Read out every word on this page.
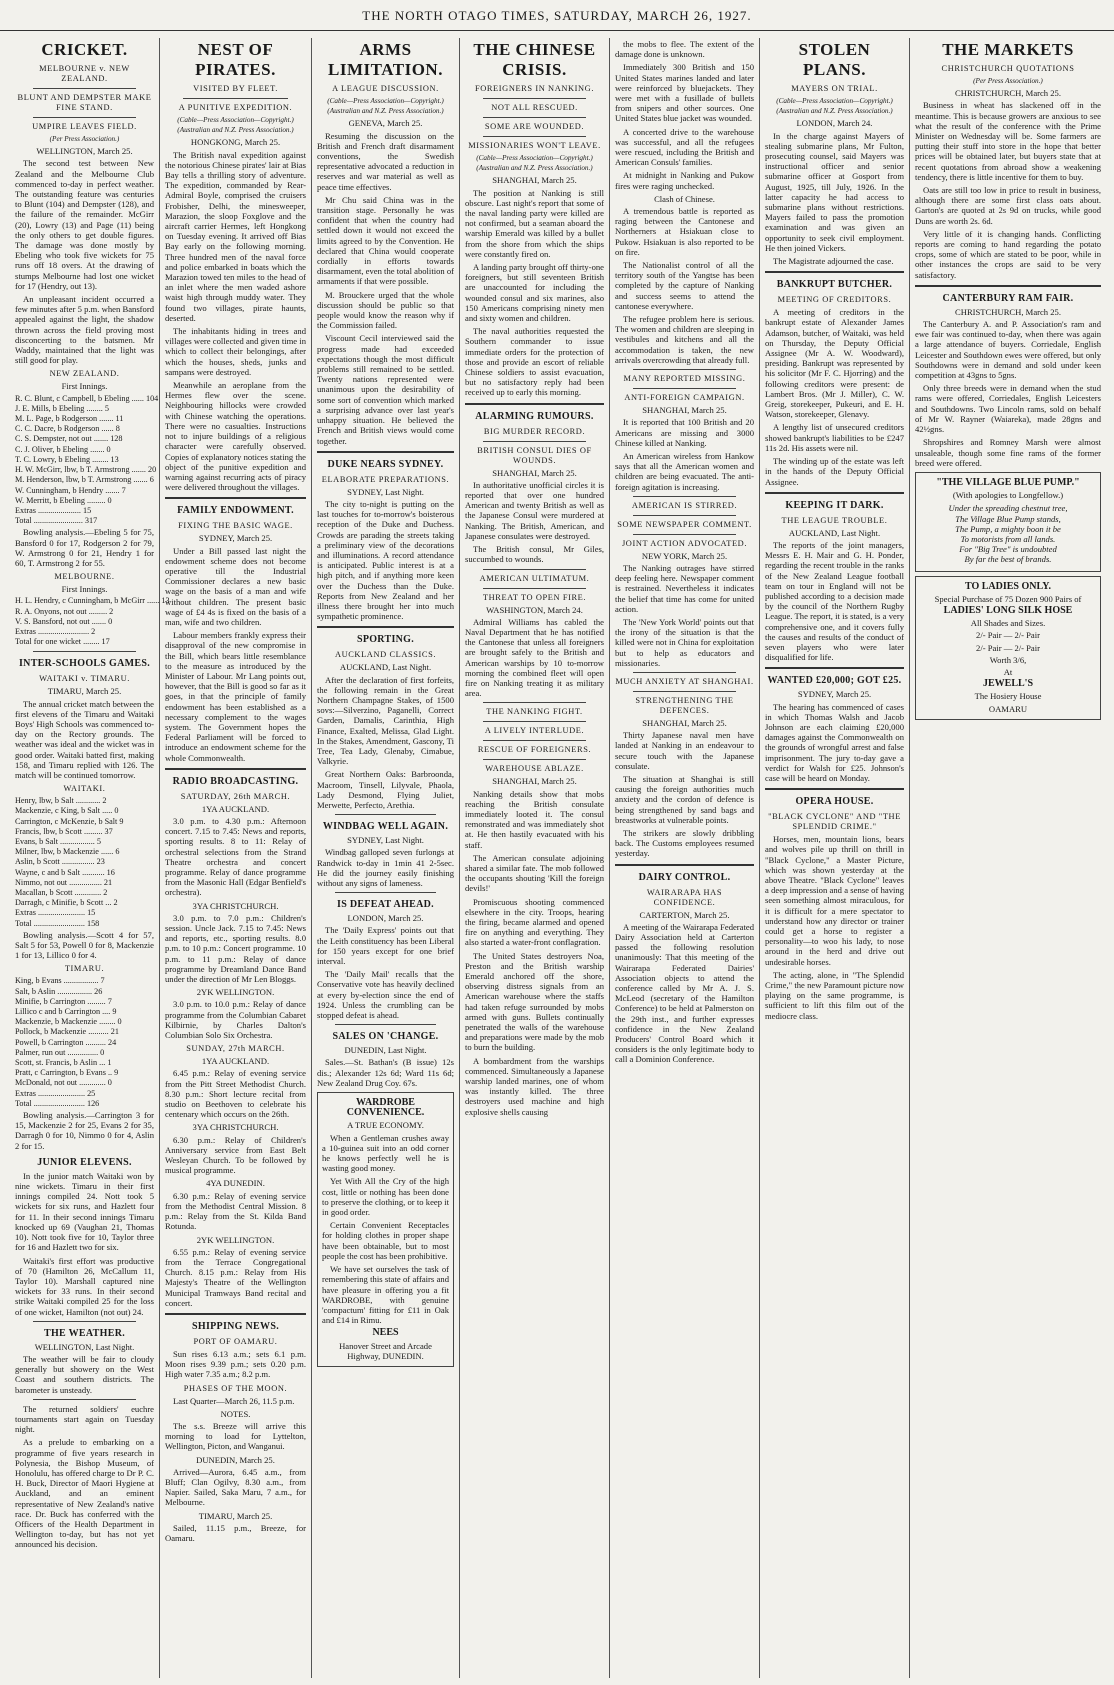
THE NORTH OTAGO TIMES, SATURDAY, MARCH 26, 1927.
CRICKET.
MELBOURNE v. NEW ZEALAND.
BLUNT AND DEMPSTER MAKE FINE STAND.
UMPIRE LEAVES FIELD.
(Per Press Association.)
WELLINGTON, March 25.

The second test between New Zealand and the Melbourne Club commenced to-day in perfect weather. The outstanding feature was centuries to Blunt (104) and Dempster (128), and the failure of the remainder. McGirr (20), Lowry (13) and Page (11) being the only others to get double figures. The damage was done mostly by Ebeling who took five wickets for 75 runs off 18 overs. At the drawing of stumps Melbourne had lost one wicket for 17 (Hendry, out 13).

An unpleasant incident occurred a few minutes after 5 p.m. when Bansford appealed against the light, the shadow thrown across the field proving most disconcerting to the batsmen. Mr Waddy, maintained that the light was still good for play.

NEW ZEALAND.
First Innings.
R. C. Blunt, c Campbell, b Ebeling ...... 104
J. E. Mills, b Ebeling ........ 5
M. L. Page, b Rodgerson ....... 11
C. C. Dacre, b Rodgerson ...... 8
C. S. Dempster, not out ....... 128
C. J. Oliver, b Ebeling ....... 0
T. C. Lowry, b Ebeling ........ 13
H. W. McGirr, lbw, b T. Armstrong ....... 20
M. Henderson, lbw, b T. Armstrong ....... 6
W. Cunningham, b Hendry ....... 7
W. Merritt, b Ebeling ......... 0
Extras ..................... 15
Total ........................ 317

Bowling analysis.—Ebeling 5 for 75, Bansford 0 for 17, Rodgerson 2 for 79, W. Armstrong 0 for 21, Hendry 1 for 60, T. Armstrong 2 for 55.

MELBOURNE.
First Innings.
H. L. Hendry, c Cunningham, b McGirr ...... 13
R. A. Onyons, not out ......... 2
V. S. Bansford, not out ....... 0
Extras ......................... 2
Total for one wicket ........ 17
INTER-SCHOOLS GAMES.
WAITAKI v. TIMARU.
TIMARU, March 25.

The annual cricket match between the first elevens of the Timaru and Waitaki Boys' High Schools was commenced to-day on the Rectory grounds. The weather was ideal and the wicket was in good order. Waitaki batted first, making 158, and Timaru replied with 126. The match will be continued tomorrow.

WAITAKI.
Henry, lbw, b Salt ............ 2
Mackenzie, c King, b Salt ..... 0
Carrington, c McKenzie, b Salt 9
Francis, lbw, b Scott ......... 37
Evans, b Salt ................. 5
Milner, lbw, b Mackenzie ...... 6
Aslin, b Scott ................ 23
Wayne, c and b Salt ........... 16
Nimmo, not out ................ 21
Macallan, b Scott ............. 2
Darragh, c Minifie, b Scott ... 2
Extras ....................... 15
Total ......................... 158

Bowling analysis.—Scott 4 for 57, Salt 5 for 53, Powell 0 for 8, Mackenzie 1 for 13, Lillico 0 for 4.

TIMARU.
King, b Evans ................. 7
Salt, b Aslin ................. 26
Minifie, b Carrington ......... 7
Lillico c and b Carrington .... 9
Mackenzie, b Mackenzie ........ 0
Pollock, b Mackenzie .......... 21
Powell, b Carrington .......... 24
Palmer, run out ............... 0
Scott, st. Francis, b Aslin ... 1
Pratt, c Carrington, b Evans .. 9
McDonald, not out ............. 0
Extras ....................... 25
Total ......................... 126

Bowling analysis.—Carrington 3 for 15, Mackenzie 2 for 25, Evans 2 for 35, Darragh 0 for 10, Nimmo 0 for 4, Aslin 2 for 15.

JUNIOR ELEVENS.

In the junior match Waitaki won by nine wickets. Timaru in their first innings compiled 24. Nott took 5 wickets for six runs, and Hazlett four for 11. In their second innings Timaru knocked up 69 (Vaughan 21, Thomas 10). Nott took five for 10, Taylor three for 16 and Hazlett two for six.

Waitaki's first effort was productive of 70 (Hamilton 26, McCallum 11, Taylor 10). Marshall captured nine wickets for 33 runs. In their second strike Waitaki compiled 25 for the loss of one wicket, Hamilton (not out) 24.

THE WEATHER.
WELLINGTON, Last Night.

The weather will be fair to cloudy generally but showery on the West Coast and southern districts. The barometer is unsteady.

The returned soldiers' euchre tournaments start again on Tuesday night.

As a prelude to embarking on a programme of five years research in Polynesia, the Bishop Museum, of Honolulu, has offered charge to Dr P. C. H. Buck, Director of Maori Hygiene at Auckland, and an eminent representative of New Zealand's native race. Dr. Buck has conferred with the Officers of the Health Department in Wellington to-day, but has not yet announced his decision.

NEST OF PIRATES.
VISITED BY FLEET.
A PUNITIVE EXPEDITION.
(Cable—Press Association—Copyright.) (Australian and N.Z. Press Association.)
HONGKONG, March 25.

The British naval expedition against the notorious Chinese pirates' lair at Bias Bay tells a thrilling story of adventure. The expedition, commanded by Rear-Admiral Boyle, comprised the cruisers Frobisher, Delhi, the minesweeper, Marazion, the sloop Foxglove and the aircraft carrier Hermes, left Hongkong on Tuesday evening. It arrived off Bias Bay early on the following morning. Three hundred men of the naval force and police embarked in boats which the Marazion towed ten miles to the head of an inlet where the men waded ashore waist high through muddy water. They found two villages, pirate haunts, deserted.

The inhabitants hiding in trees and villages were collected and given time in which to collect their belongings, after which the houses, sheds, junks and sampans were destroyed.

Meanwhile an aeroplane from the Hermes flew over the scene. Neighbouring hillocks were crowded with Chinese watching the operations. There were no casualties. Instructions not to injure buildings of a religious character were carefully observed. Copies of explanatory notices stating the object of the punitive expedition and warning against recurring acts of piracy were delivered throughout the villages.

FAMILY ENDOWMENT.
FIXING THE BASIC WAGE.
SYDNEY, March 25.

Under a Bill passed last night the endowment scheme does not become operative till the Industrial Commissioner declares a new basic wage on the basis of a man and wife without children. The present basic wage of £4 4s is fixed on the basis of a man, wife and two children.

Labour members frankly express their disapproval of the new compromise in the Bill, which bears little resemblance to the measure as introduced by the Minister of Labour. Mr Lang points out, however, that the Bill is good so far as it goes, in that the principle of family endowment has been established as a necessary complement to the wages system. The Government hopes the Federal Parliament will be forced to introduce an endowment scheme for the whole Commonwealth.

RADIO BROADCASTING.
SATURDAY, 26th MARCH.
1YA AUCKLAND.

3.0 p.m. to 4.30 p.m.: Afternoon concert. 7.15 to 7.45: News and reports, sporting results. 8 to 11: Relay of orchestral selections from the Strand Theatre orchestra and concert programme. Relay of dance programme from the Masonic Hall (Edgar Benfield's orchestra).

3YA CHRISTCHURCH.

3.0 p.m. to 7.0 p.m.: Children's session. Uncle Jack. 7.15 to 7.45: News and reports, etc., sporting results. 8.0 p.m. to 10 p.m.: Concert programme. 10 p.m. to 11 p.m.: Relay of dance programme by Dreamland Dance Band under the direction of Mr Len Bloggs.

2YK WELLINGTON.

3.0 p.m. to 10.0 p.m.: Relay of dance programme from the Columbian Cabaret Kilbirnie, by Charles Dalton's Columbian Solo Six Orchestra.

SUNDAY, 27th MARCH.
1YA AUCKLAND.

6.45 p.m.: Relay of evening service from the Pitt Street Methodist Church. 8.30 p.m.: Short lecture recital from studio on Beethoven to celebrate his centenary which occurs on the 26th.

3YA CHRISTCHURCH.

6.30 p.m.: Relay of Children's Anniversary service from East Belt Wesleyan Church. To be followed by musical programme.

4YA DUNEDIN.

6.30 p.m.: Relay of evening service from the Methodist Central Mission. 8 p.m.: Relay from the St. Kilda Band Rotunda.

2YK WELLINGTON.

6.55 p.m.: Relay of evening service from the Terrace Congregational Church. 8.15 p.m.: Relay from His Majesty's Theatre of the Wellington Municipal Tramways Band recital and concert.

SHIPPING NEWS.
PORT OF OAMARU.

Sun rises 6.13 a.m.; sets 6.1 p.m. Moon rises 9.39 p.m.; sets 0.20 p.m. High water 7.35 a.m.; 8.2 p.m.

PHASES OF THE MOON.

Last Quarter—March 26, 11.5 p.m.

NOTES.

The s.s. Breeze will arrive this morning to load for Lyttelton, Wellington, Picton, and Wanganui.

DUNEDIN, March 25.

Arrived—Aurora, 6.45 a.m., from Bluff; Clan Ogilvy, 8.30 a.m., from Napier. Sailed, Saka Maru, 7 a.m., for Melbourne.

TIMARU, March 25.

Sailed, 11.15 p.m., Breeze, for Oamaru.

ARMS LIMITATION.
A LEAGUE DISCUSSION.
(Cable—Press Association—Copyright.) (Australian and N.Z. Press Association.)
GENEVA, March 25.

Resuming the discussion on the British and French draft disarmament conventions, the Swedish representative advocated a reduction in reserves and war material as well as peace time effectives.

Mr Chu said China was in the transition stage. Personally he was confident that when the country had settled down it would not exceed the limits agreed to by the Convention. He declared that China would cooperate cordially in efforts towards disarmament, even the total abolition of armaments if that were possible.

M. Brouckere urged that the whole discussion should be public so that people would know the reason why if the Commission failed.

Viscount Cecil interviewed said the progress made had exceeded expectations though the most difficult problems still remained to be settled. Twenty nations represented were unanimous upon the desirability of some sort of convention which marked a surprising advance over last year's unhappy situation. He believed the French and British views would come together.

DUKE NEARS SYDNEY.
ELABORATE PREPARATIONS.
SYDNEY, Last Night.

The city to-night is putting on the last touches for to-morrow's boisterous reception of the Duke and Duchess. Crowds are parading the streets taking a preliminary view of the decorations and illuminations. A record attendance is anticipated. Public interest is at a high pitch, and if anything more keen over the Duchess than the Duke. Reports from New Zealand and her illness there brought her into much sympathetic prominence.

SPORTING.
AUCKLAND CLASSICS.
AUCKLAND, Last Night.

After the declaration of first forfeits, the following remain in the Great Northern Champagne Stakes, of 1500 sovs:—Silverzino, Paganelli, Correct Garden, Damalis, Carinthia, High Finance, Exalted, Melissa, Glad Light. In the Stakes, Amendment, Gascony, Ti Tree, Tea Lady, Glenaby, Cimabue, Valkyrie.

Great Northern Oaks: Barbroonda, Macroom, Tinsell, Lilyvale, Phaola, Lady Desmond, Flying Juliet, Merwette, Perfecto, Arethia.

WINDBAG WELL AGAIN.
SYDNEY, Last Night.

Windbag galloped seven furlongs at Randwick to-day in 1min 41 2-5sec. He did the journey easily finishing without any signs of lameness.

IS DEFEAT AHEAD.
LONDON, March 25.

The 'Daily Express' points out that the Leith constituency has been Liberal for 150 years except for one brief interval.

The 'Daily Mail' recalls that the Conservative vote has heavily declined at every by-election since the end of 1924. Unless the crumbling can be stopped defeat is ahead.

SALES ON 'CHANGE.
DUNEDIN, Last Night.

Sales.—St. Bathan's (B issue) 12s dis.; Alexander 12s 6d; Ward 11s 6d; New Zealand Drug Coy. 67s.

WARDROBE CONVENIENCE.
A TRUE ECONOMY.

When a Gentleman crushes away a 10-guinea suit into an odd corner he knows perfectly well he is wasting good money.

Yet With All the Cry of the high cost, little or nothing has been done to preserve the clothing, or to keep it in good order.

Certain Convenient Receptacles for holding clothes in proper shape have been obtainable, but to most people the cost has been prohibitive.

We have set ourselves the task of remembering this state of affairs and have pleasure in offering you a fit WARDROBE, with genuine 'compactum' fitting for £11 in Oak and £14 in Rimu.

NEES
Hanover Street and Arcade Highway, DUNEDIN.
THE CHINESE CRISIS.
FOREIGNERS IN NANKING.
NOT ALL RESCUED.
SOME ARE WOUNDED.
MISSIONARIES WON'T LEAVE.
(Cable—Press Association—Copyright.) (Australian and N.Z. Press Association.)
SHANGHAI, March 25.

The position at Nanking is still obscure. Last night's report that some of the naval landing party were killed are not confirmed, but a seaman aboard the warship Emerald was killed by a bullet from the shore from which the ships were constantly fired on.

A landing party brought off thirty-one foreigners, but still seventeen British are unaccounted for including the wounded consul and six marines, also 150 Americans comprising ninety men and sixty women and children.

The naval authorities requested the Southern commander to issue immediate orders for the protection of those and provide an escort of reliable Chinese soldiers to assist evacuation, but no satisfactory reply had been received up to early this morning.

ALARMING RUMOURS.
BIG MURDER RECORD.
BRITISH CONSUL DIES OF WOUNDS.
SHANGHAI, March 25.

In authoritative unofficial circles it is reported that over one hundred American and twenty British as well as the Japanese Consul were murdered at Nanking. The British, American, and Japanese consulates were destroyed.

The British consul, Mr Giles, succumbed to wounds.

AMERICAN ULTIMATUM.
THREAT TO OPEN FIRE.
WASHINGTON, March 24.

Admiral Williams has cabled the Naval Department that he has notified the Cantonese that unless all foreigners are brought safely to the British and American warships by 10 to-morrow morning the combined fleet will open fire on Nanking treating it as military area.

THE NANKING FIGHT.
A LIVELY INTERLUDE.
RESCUE OF FOREIGNERS.
WAREHOUSE ABLAZE.
SHANGHAI, March 25.

Nanking details show that mobs reaching the British consulate immediately looted it. The consul remonstrated and was immediately shot at. He then hastily evacuated with his staff.

The American consulate adjoining shared a similar fate. The mob followed the occupants shouting 'Kill the foreign devils!'

Promiscuous shooting commenced elsewhere in the city. Troops, hearing the firing, became alarmed and opened fire on anything and everything. They also started a water-front conflagration.

The United States destroyers Noa, Preston and the British warship Emerald anchored off the shore, observing distress signals from an American warehouse where the staffs had taken refuge surrounded by mobs armed with guns. Bullets continually penetrated the walls of the warehouse and preparations were made by the mob to burn the building.

A bombardment from the warships commenced. Simultaneously a Japanese warship landed marines, one of whom was instantly killed. The three destroyers used machine and high explosive shells causing

the mobs to flee. The extent of the damage done is unknown.

Immediately 300 British and 150 United States marines landed and later were reinforced by bluejackets. They were met with a fusillade of bullets from snipers and other sources. One United States blue jacket was wounded.

A concerted drive to the warehouse was successful, and all the refugees were rescued, including the British and American Consuls' families.

At midnight in Nanking and Pukow fires were raging unchecked.

Clash of Chinese.

A tremendous battle is reported as raging between the Cantonese and Northerners at Hsiakuan close to Pukow. Hsiakuan is also reported to be on fire.

The Nationalist control of all the territory south of the Yangtse has been completed by the capture of Nanking and success seems to attend the cantonese everywhere.

The refugee problem here is serious. The women and children are sleeping in vestibules and kitchens and all the accommodation is taken, the new arrivals overcrowding that already full.

MANY REPORTED MISSING.
ANTI-FOREIGN CAMPAIGN.
SHANGHAI, March 25.

It is reported that 100 British and 20 Americans are missing and 3000 Chinese killed at Nanking.

An American wireless from Hankow says that all the American women and children are being evacuated. The anti-foreign agitation is increasing.

AMERICAN IS STIRRED.
SOME NEWSPAPER COMMENT.
JOINT ACTION ADVOCATED.
NEW YORK, March 25.

The Nanking outrages have stirred deep feeling here. Newspaper comment is restrained. Nevertheless it indicates the belief that time has come for united action.

The 'New York World' points out that the irony of the situation is that the killed were not in China for exploitation but to help as educators and missionaries.

MUCH ANXIETY AT SHANGHAI.
STRENGTHENING THE DEFENCES.
SHANGHAI, March 25.

Thirty Japanese naval men have landed at Nanking in an endeavour to secure touch with the Japanese consulate.

The situation at Shanghai is still causing the foreign authorities much anxiety and the cordon of defence is being strengthened by sand bags and breastworks at vulnerable points.

The strikers are slowly dribbling back. The Customs employees resumed yesterday.

DAIRY CONTROL.
WAIRARAPA HAS CONFIDENCE.
CARTERTON, March 25.

A meeting of the Wairarapa Federated Dairy Association held at Carterton passed the following resolution unanimously: That this meeting of the Wairarapa Federated Dairies' Association objects to attend the conference called by Mr A. J. S. McLeod (secretary of the Hamilton Conference) to be held at Palmerston on the 29th inst., and further expresses confidence in the New Zealand Producers' Control Board which it considers is the only legitimate body to call a Dominion Conference.

STOLEN PLANS.
MAYERS ON TRIAL.
(Cable—Press Association—Copyright.) (Australian and N.Z. Press Association.)
LONDON, March 24.

In the charge against Mayers of stealing submarine plans, Mr Fulton, prosecuting counsel, said Mayers was instructional officer and senior submarine officer at Gosport from August, 1925, till July, 1926. In the latter capacity he had access to submarine plans without restrictions. Mayers failed to pass the promotion examination and was given an opportunity to seek civil employment. He then joined Vickers.

The Magistrate adjourned the case.

BANKRUPT BUTCHER.
MEETING OF CREDITORS.

A meeting of creditors in the bankrupt estate of Alexander James Adamson, butcher, of Waitaki, was held on Thursday, the Deputy Official Assignee (Mr A. W. Woodward), presiding. Bankrupt was represented by his solicitor (Mr F. C. Hjorring) and the following creditors were present: de Lambert Bros. (Mr J. Miller), C. W. Greig, storekeeper, Pukeuri, and E. H. Watson, storekeeper, Glenavy.

A lengthy list of unsecured creditors showed bankrupt's liabilities to be £247 11s 2d. His assets were nil.

The winding up of the estate was left in the hands of the Deputy Official Assignee.

KEEPING IT DARK.
THE LEAGUE TROUBLE.
AUCKLAND, Last Night.

The reports of the joint managers, Messrs E. H. Mair and G. H. Ponder, regarding the recent trouble in the ranks of the New Zealand League football team on tour in England will not be published according to a decision made by the council of the Northern Rugby League. The report, it is stated, is a very comprehensive one, and it covers fully the causes and results of the conduct of seven players who were later disqualified for life.

WANTED £20,000; GOT £25.
SYDNEY, March 25.

The hearing has commenced of cases in which Thomas Walsh and Jacob Johnson are each claiming £20,000 damages against the Commonwealth on the grounds of wrongful arrest and false imprisonment. The jury to-day gave a verdict for Walsh for £25. Johnson's case will be heard on Monday.

OPERA HOUSE.
"BLACK CYCLONE" AND "THE SPLENDID CRIME."

Horses, men, mountain lions, bears and wolves pile up thrill on thrill in "Black Cyclone," a Master Picture, which was shown yesterday at the above Theatre. "Black Cyclone" leaves a deep impression and a sense of having seen something almost miraculous, for it is difficult for a mere spectator to understand how any director or trainer could get a horse to register a personality—to woo his lady, to nose around in the herd and drive out undesirable horses.

The acting, alone, in "The Splendid Crime," the new Paramount picture now playing on the same programme, is sufficient to lift this film out of the mediocre class.

THE MARKETS
CHRISTCHURCH QUOTATIONS
(Per Press Association.)
CHRISTCHURCH, March 25.

Business in wheat has slackened off in the meantime. This is because growers are anxious to see what the result of the conference with the Prime Minister on Wednesday will be. Some farmers are putting their stuff into store in the hope that better prices will be obtained later, but buyers state that at recent quotations from abroad show a weakening tendency, there is little incentive for them to buy.

Oats are still too low in price to result in business, although there are some first class oats about. Garton's are quoted at 2s 9d on trucks, while good Duns are worth 2s. 6d.

Very little of it is changing hands. Conflicting reports are coming to hand regarding the potato crops, some of which are stated to be poor, while in other instances the crops are said to be very satisfactory.

CANTERBURY RAM FAIR.
CHRISTCHURCH, March 25.

The Canterbury A. and P. Association's ram and ewe fair was continued to-day, when there was again a large attendance of buyers. Corriedale, English Leicester and Southdown ewes were offered, but only Southdowns were in demand and sold under keen competition at 43gns to 5gns.

Only three breeds were in demand when the stud rams were offered, Corriedales, English Leicesters and Southdowns. Two Lincoln rams, sold on behalf of Mr W. Rayner (Waiareka), made 28gns and 42½gns.

Shropshires and Romney Marsh were almost unsaleable, though some fine rams of the former breed were offered.

"THE VILLAGE BLUE PUMP."
(With apologies to Longfellow.)
Under the spreading chestnut tree,
The Village Blue Pump stands,
The Pump, a mighty boon it be
To motorists from all lands.
For "Big Tree" is undoubted
By far the best of brands.
TO LADIES ONLY.
Special Purchase of 75 Dozen 900 Pairs of
LADIES' LONG SILK HOSE
All Shades and Sizes.
2/- Pair — 2/- Pair
2/- Pair — 2/- Pair
Worth 3/6,
At
JEWELL'S
The Hosiery House
OAMARU
